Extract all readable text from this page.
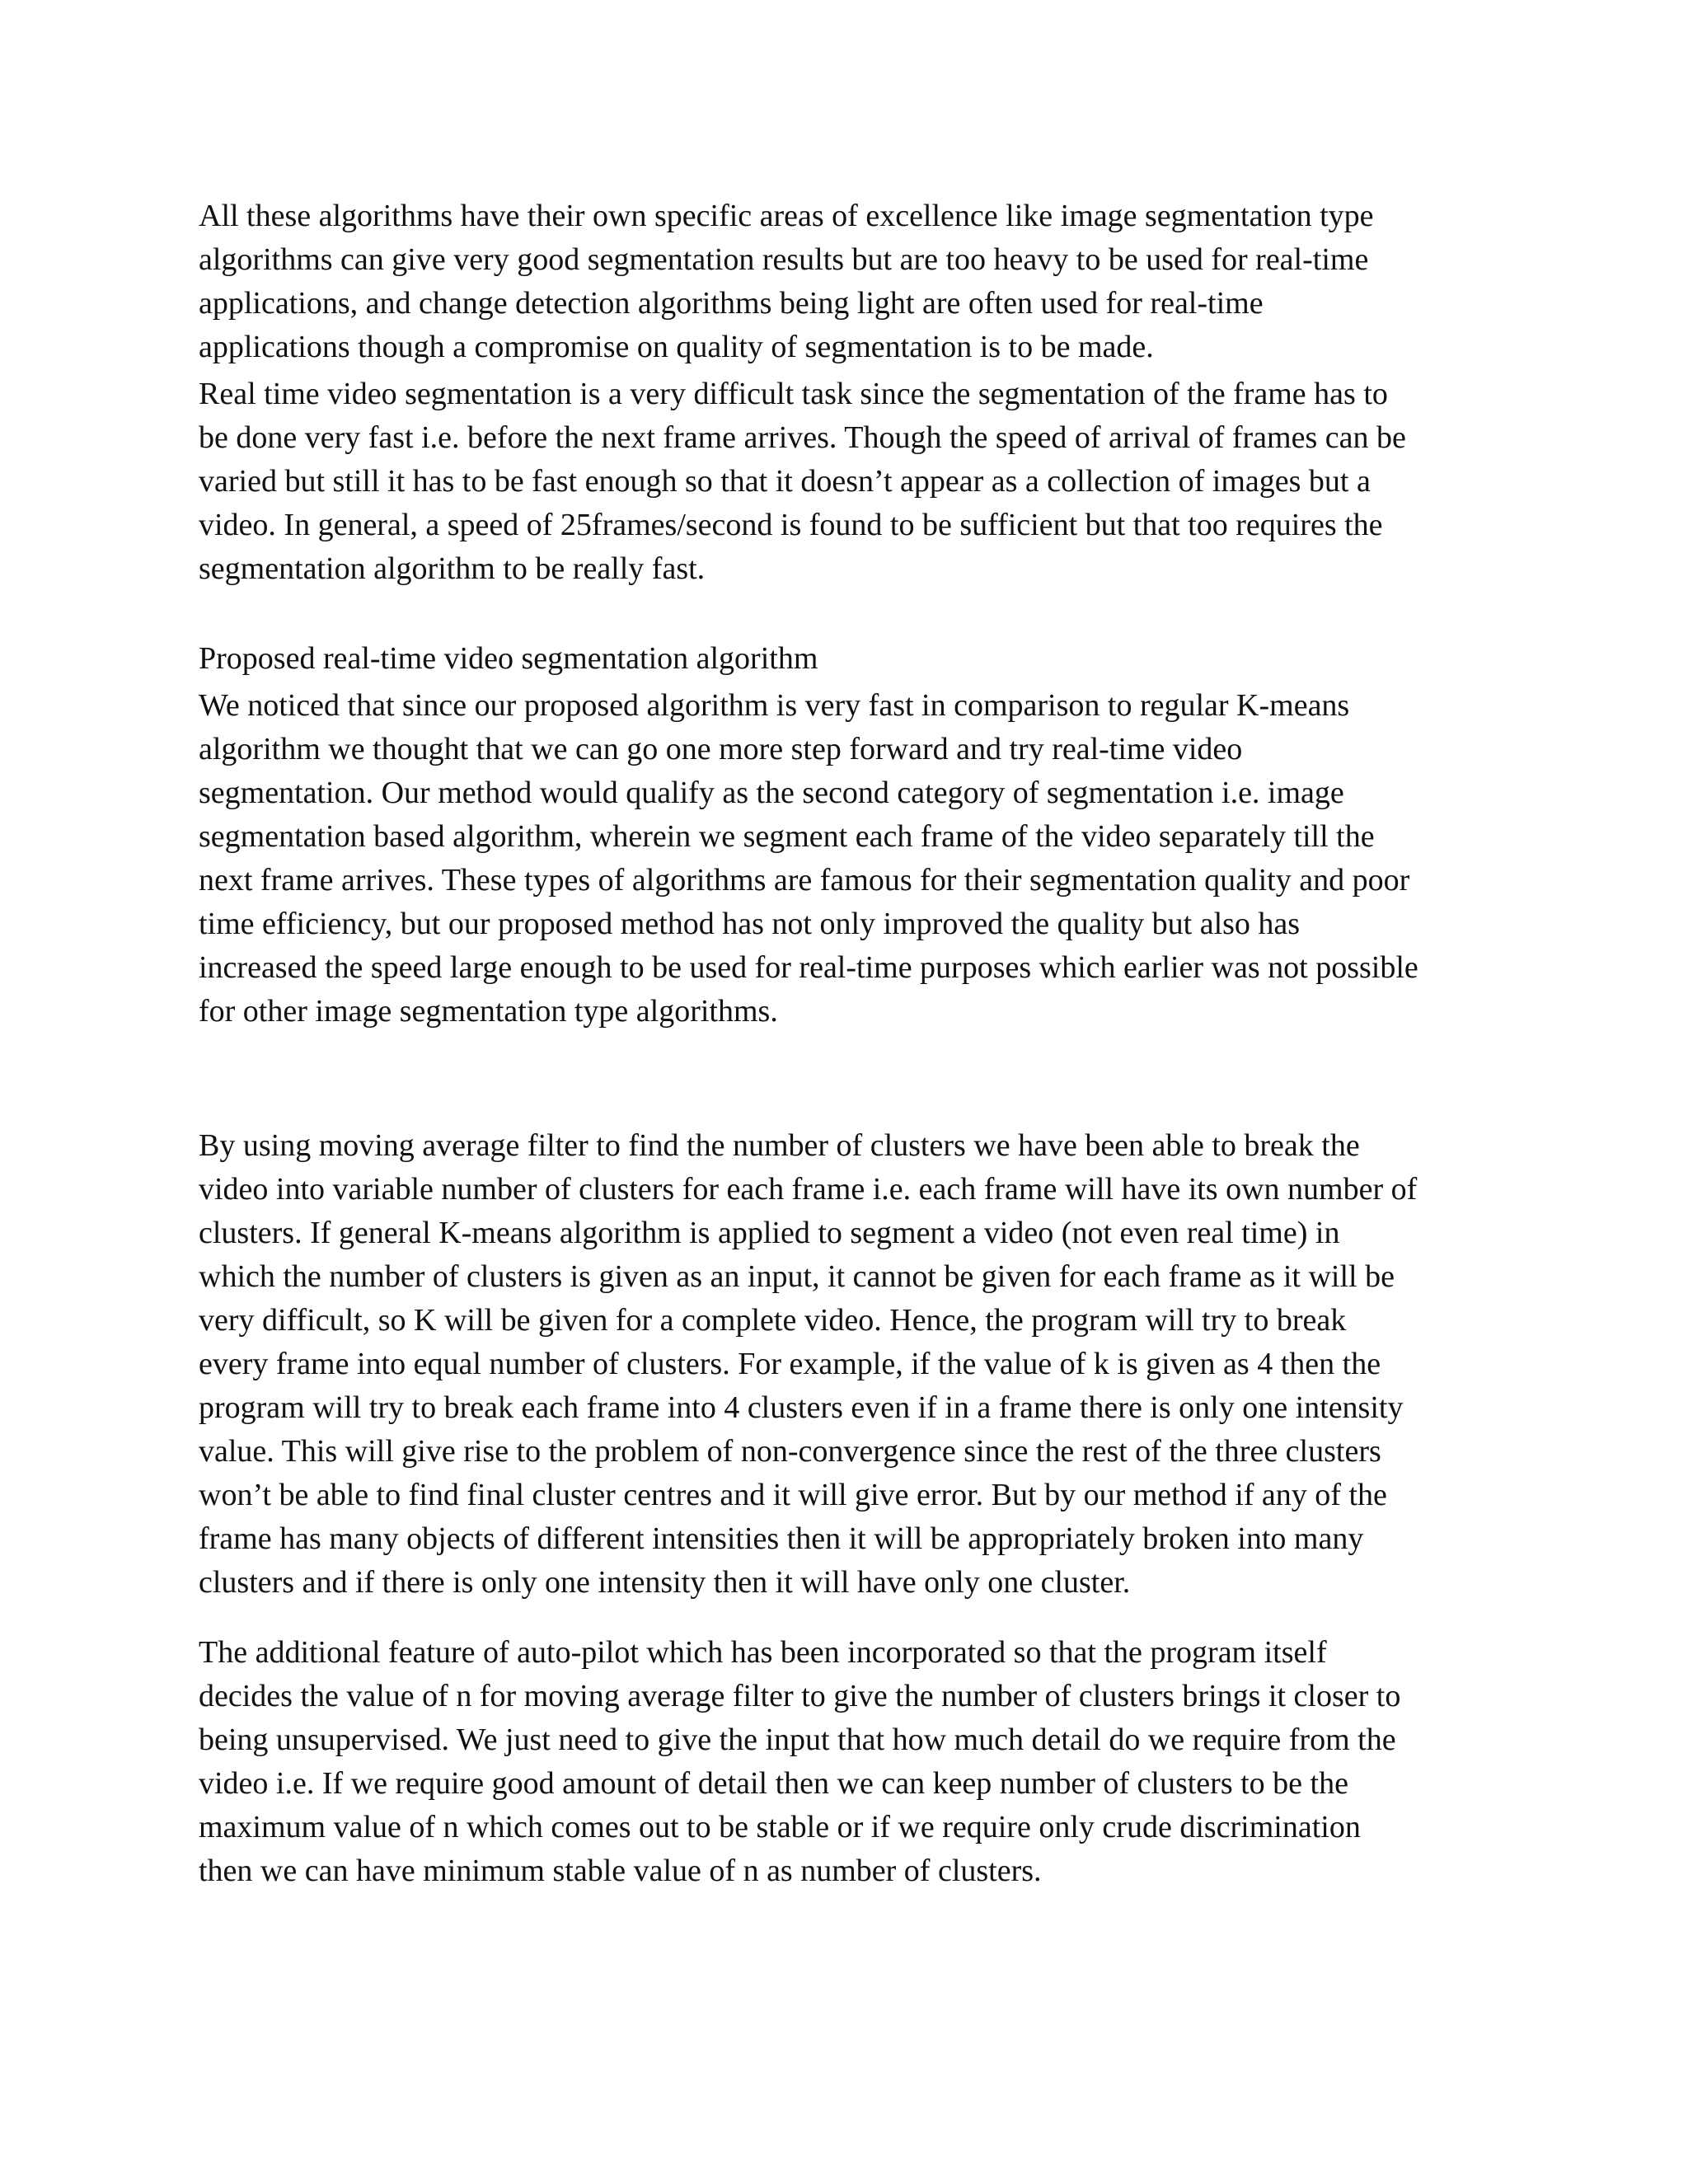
All these algorithms have their own specific areas of excellence like image segmentation type
algorithms can give very good segmentation results but are too heavy to be used for real-time
applications, and change detection algorithms being light are often used for real-time
applications though a compromise on quality of segmentation is to be made.

Real time video segmentation is a very difficult task since the segmentation of the frame has to
be done very fast i.e. before the next frame arrives. Though the speed of arrival of frames can be
varied but still it has to be fast enough so that it doesn’t appear as a collection of images but a
video. In general, a speed of 25frames/second is found to be sufficient but that too requires the
segmentation algorithm to be really fast.

Proposed real-time video segmentation algorithm

We noticed that since our proposed algorithm is very fast in comparison to regular K-means
algorithm we thought that we can go one more step forward and try real-time video
segmentation. Our method would qualify as the second category of segmentation i.e. image
segmentation based algorithm, wherein we segment each frame of the video separately till the
next frame arrives. These types of algorithms are famous for their segmentation quality and poor
time efficiency, but our proposed method has not only improved the quality but also has
increased the speed large enough to be used for real-time purposes which earlier was not possible
for other image segmentation type algorithms.

By using moving average filter to find the number of clusters we have been able to break the
video into variable number of clusters for each frame i.e. each frame will have its own number of
clusters. If general K-means algorithm is applied to segment a video (not even real time) in
which the number of clusters is given as an input, it cannot be given for each frame as it will be
very difficult, so K will be given for a complete video. Hence, the program will try to break
every frame into equal number of clusters. For example, if the value of k is given as 4 then the
program will try to break each frame into 4 clusters even if in a frame there is only one intensity
value. This will give rise to the problem of non-convergence since the rest of the three clusters
won’t be able to find final cluster centres and it will give error. But by our method if any of the
frame has many objects of different intensities then it will be appropriately broken into many
clusters and if there is only one intensity then it will have only one cluster.

The additional feature of auto-pilot which has been incorporated so that the program itself
decides the value of n for moving average filter to give the number of clusters brings it closer to
being unsupervised. We just need to give the input that how much detail do we require from the
video i.e. If we require good amount of detail then we can keep number of clusters to be the
maximum value of n which comes out to be stable or if we require only crude discrimination
then we can have minimum stable value of n as number of clusters.
